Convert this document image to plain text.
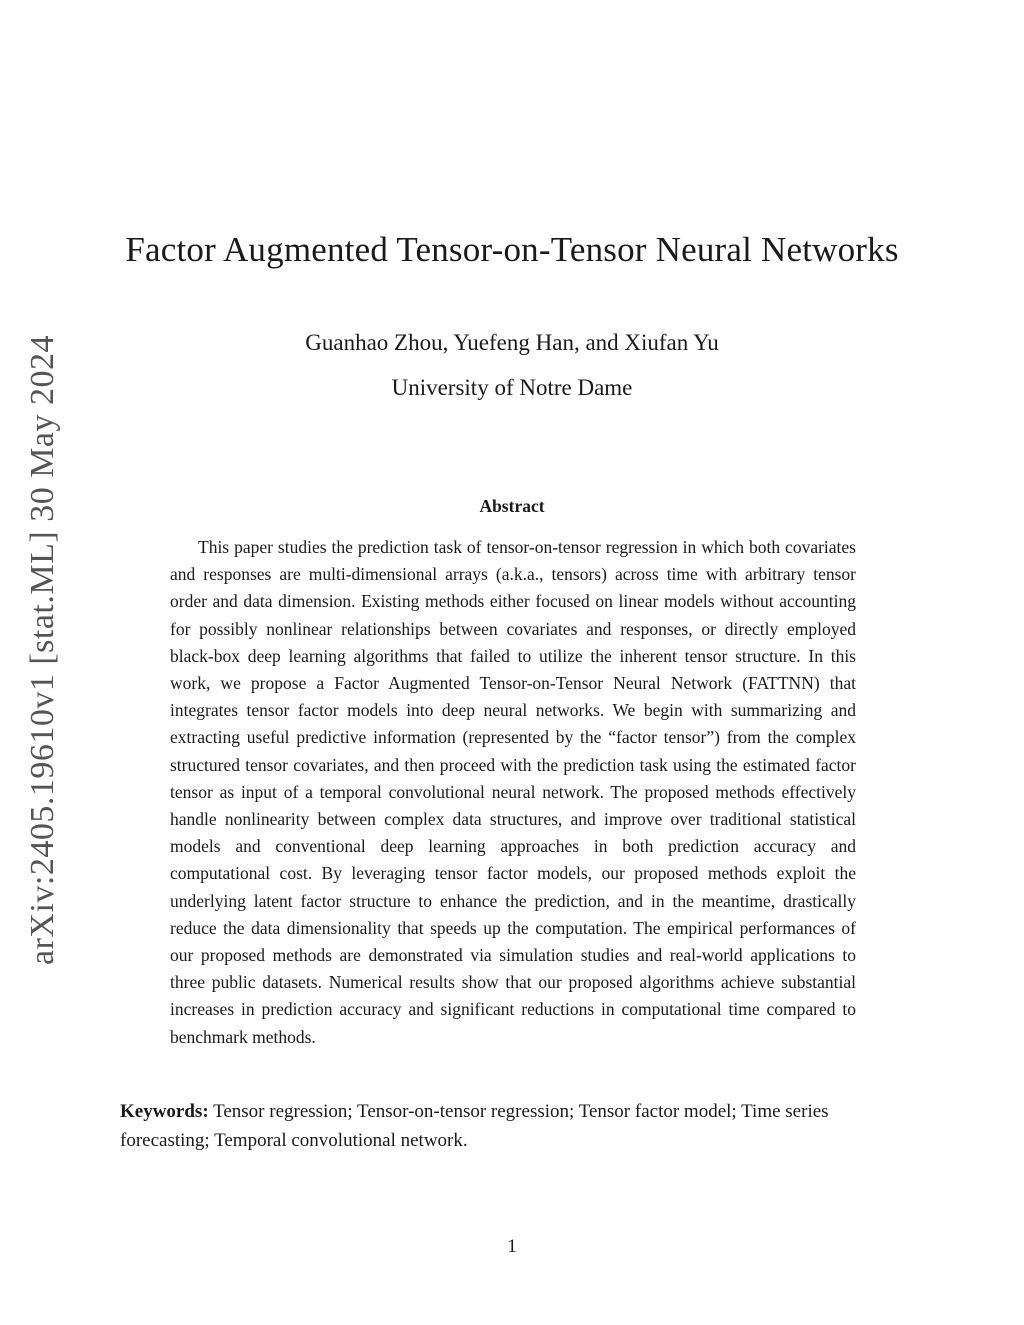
arXiv:2405.19610v1 [stat.ML] 30 May 2024
Factor Augmented Tensor-on-Tensor Neural Networks
Guanhao Zhou, Yuefeng Han, and Xiufan Yu
University of Notre Dame
Abstract

This paper studies the prediction task of tensor-on-tensor regression in which both covariates and responses are multi-dimensional arrays (a.k.a., tensors) across time with arbitrary tensor order and data dimension. Existing methods either focused on linear models without accounting for possibly nonlinear relationships between covariates and responses, or directly employed black-box deep learning algorithms that failed to utilize the inherent tensor structure. In this work, we propose a Factor Augmented Tensor-on-Tensor Neural Network (FATTNN) that integrates tensor factor models into deep neural networks. We begin with summarizing and extracting useful predictive information (represented by the “factor tensor”) from the complex structured tensor covariates, and then proceed with the prediction task using the estimated factor tensor as input of a temporal convolutional neural network. The proposed methods effectively handle nonlinearity between complex data structures, and improve over traditional statistical models and conventional deep learning approaches in both prediction accuracy and computational cost. By leveraging tensor factor models, our proposed methods exploit the underlying latent factor structure to enhance the prediction, and in the meantime, drastically reduce the data dimensionality that speeds up the computation. The empirical performances of our proposed methods are demonstrated via simulation studies and real-world applications to three public datasets. Numerical results show that our proposed algorithms achieve substantial increases in prediction accuracy and significant reductions in computational time compared to benchmark methods.

Keywords: Tensor regression; Tensor-on-tensor regression; Tensor factor model; Time series forecasting; Temporal convolutional network.

1
